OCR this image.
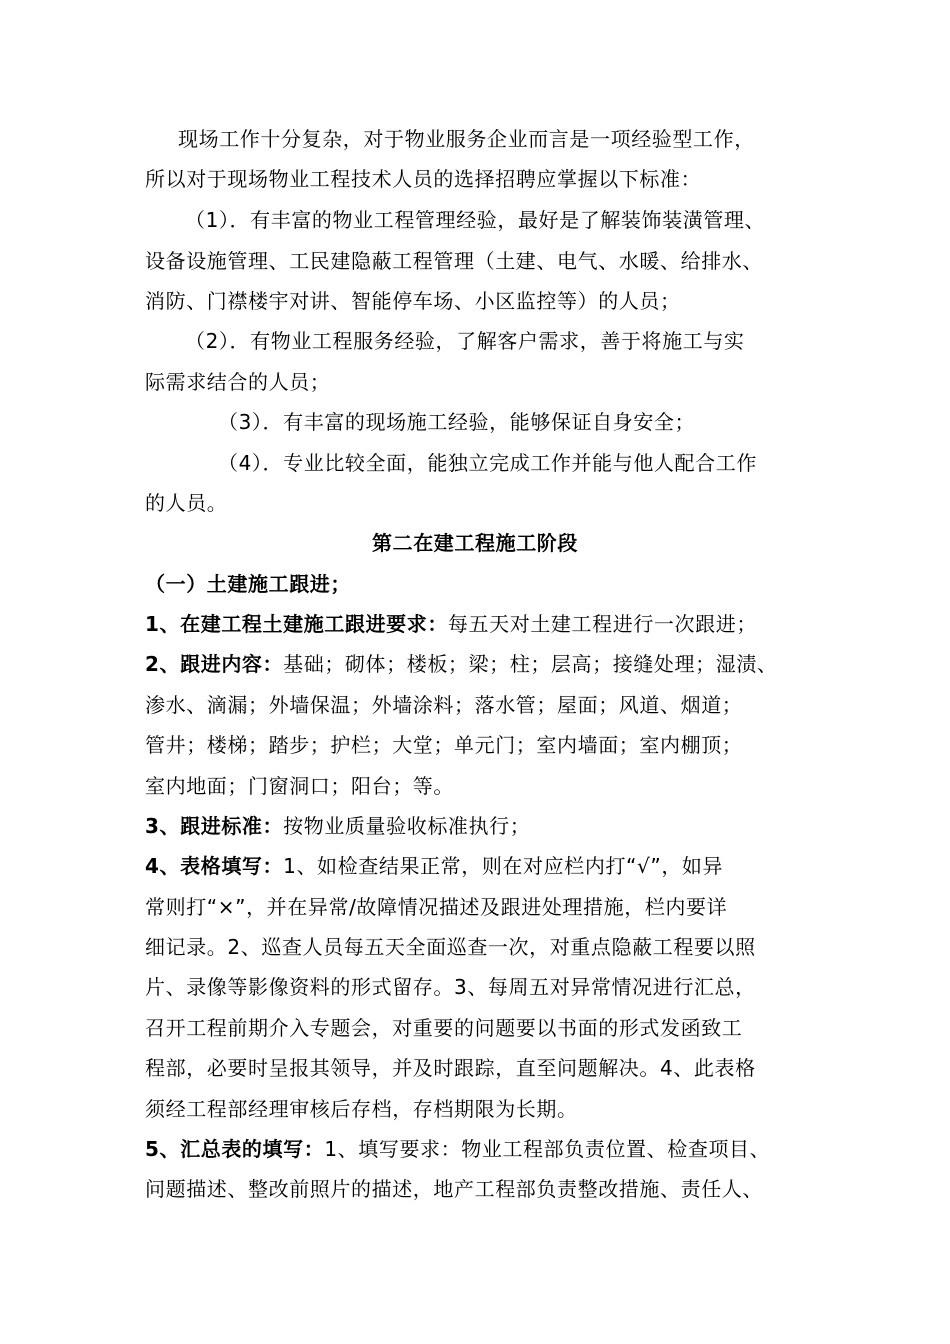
现场工作十分复杂，对于物业服务企业而言是一项经验型工作，
所以对于现场物业工程技术人员的选择招聘应掌握以下标准：
（1）．有丰富的物业工程管理经验，最好是了解装饰装潢管理、
设备设施管理、工民建隐蔽工程管理（土建、电气、水暖、给排水、
消防、门襟楼宇对讲、智能停车场、小区监控等）的人员；
（2）．有物业工程服务经验，了解客户需求，善于将施工与实
际需求结合的人员；
（3）．有丰富的现场施工经验，能够保证自身安全；
（4）．专业比较全面，能独立完成工作并能与他人配合工作
的人员。
第二在建工程施工阶段
（一）土建施工跟进；
1、在建工程土建施工跟进要求：每五天对土建工程进行一次跟进；
2、跟进内容：基础；砌体；楼板；梁；柱；层高；接缝处理；湿渍、
渗水、滴漏；外墙保温；外墙涂料；落水管；屋面；风道、烟道；
管井；楼梯；踏步；护栏；大堂；单元门；室内墙面；室内棚顶；
室内地面；门窗洞口；阳台；等。
3、跟进标准：按物业质量验收标准执行；
4、表格填写：1、如检查结果正常，则在对应栏内打“√”，如异
常则打“×”，并在异常/故障情况描述及跟进处理措施，栏内要详
细记录。2、巡查人员每五天全面巡查一次，对重点隐蔽工程要以照
片、录像等影像资料的形式留存。3、每周五对异常情况进行汇总，
召开工程前期介入专题会，对重要的问题要以书面的形式发函致工
程部，必要时呈报其领导，并及时跟踪，直至问题解决。4、此表格
须经工程部经理审核后存档，存档期限为长期。
5、汇总表的填写：1、填写要求：物业工程部负责位置、检查项目、
问题描述、整改前照片的描述，地产工程部负责整改措施、责任人、
